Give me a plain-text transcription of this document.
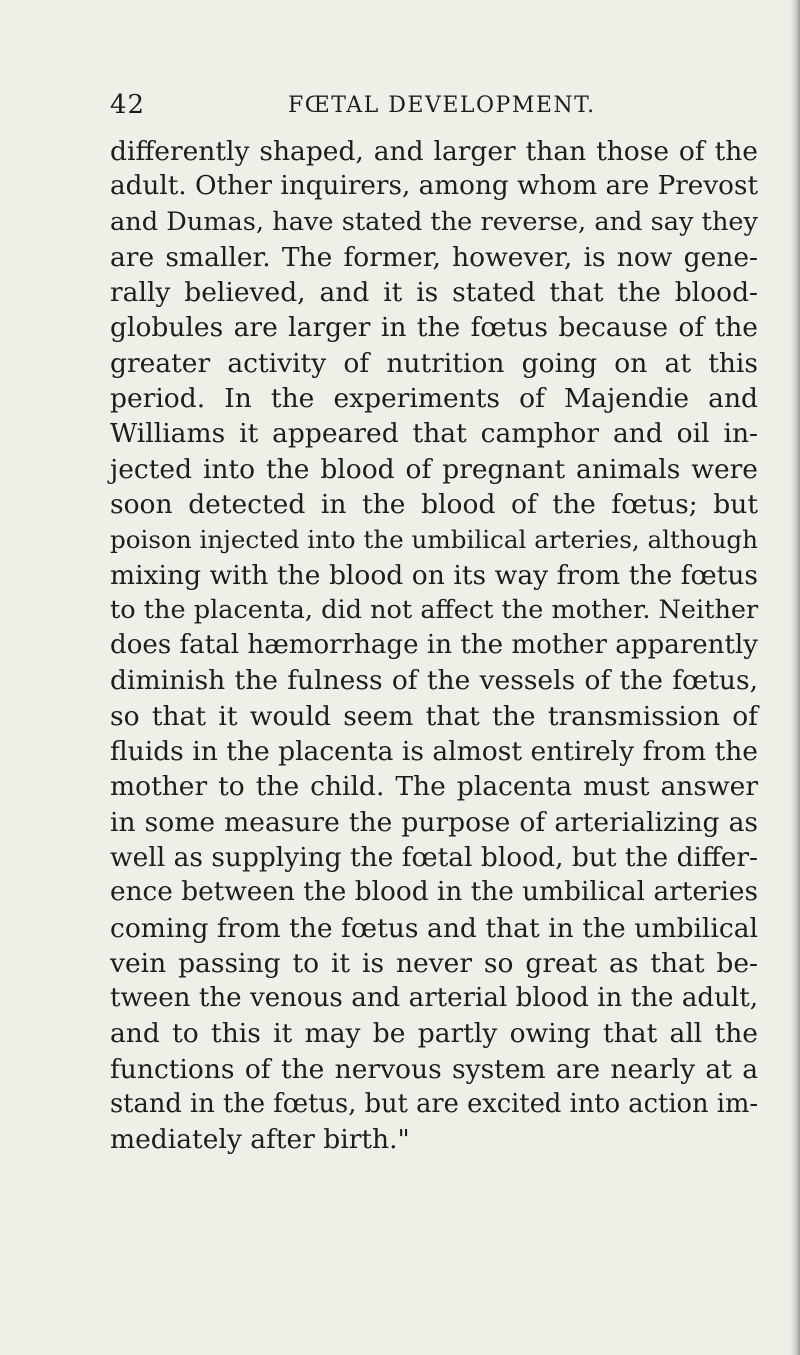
42	FŒTAL DEVELOPMENT.
differently shaped, and larger than those of the
adult. Other inquirers, among whom are Prevost
and Dumas, have stated the reverse, and say they
are smaller. The former, however, is now gene-
rally believed, and it is stated that the blood-
globules are larger in the fœtus because of the
greater activity of nutrition going on at this
period. In the experiments of Majendie and
Williams it appeared that camphor and oil in-
jected into the blood of pregnant animals were
soon detected in the blood of the fœtus; but
poison injected into the umbilical arteries, although
mixing with the blood on its way from the fœtus
to the placenta, did not affect the mother. Neither
does fatal hæmorrhage in the mother apparently
diminish the fulness of the vessels of the fœtus,
so that it would seem that the transmission of
fluids in the placenta is almost entirely from the
mother to the child. The placenta must answer
in some measure the purpose of arterializing as
well as supplying the fœtal blood, but the differ-
ence between the blood in the umbilical arteries
coming from the fœtus and that in the umbilical
vein passing to it is never so great as that be-
tween the venous and arterial blood in the adult,
and to this it may be partly owing that all the
functions of the nervous system are nearly at a
stand in the fœtus, but are excited into action im-
mediately after birth."
